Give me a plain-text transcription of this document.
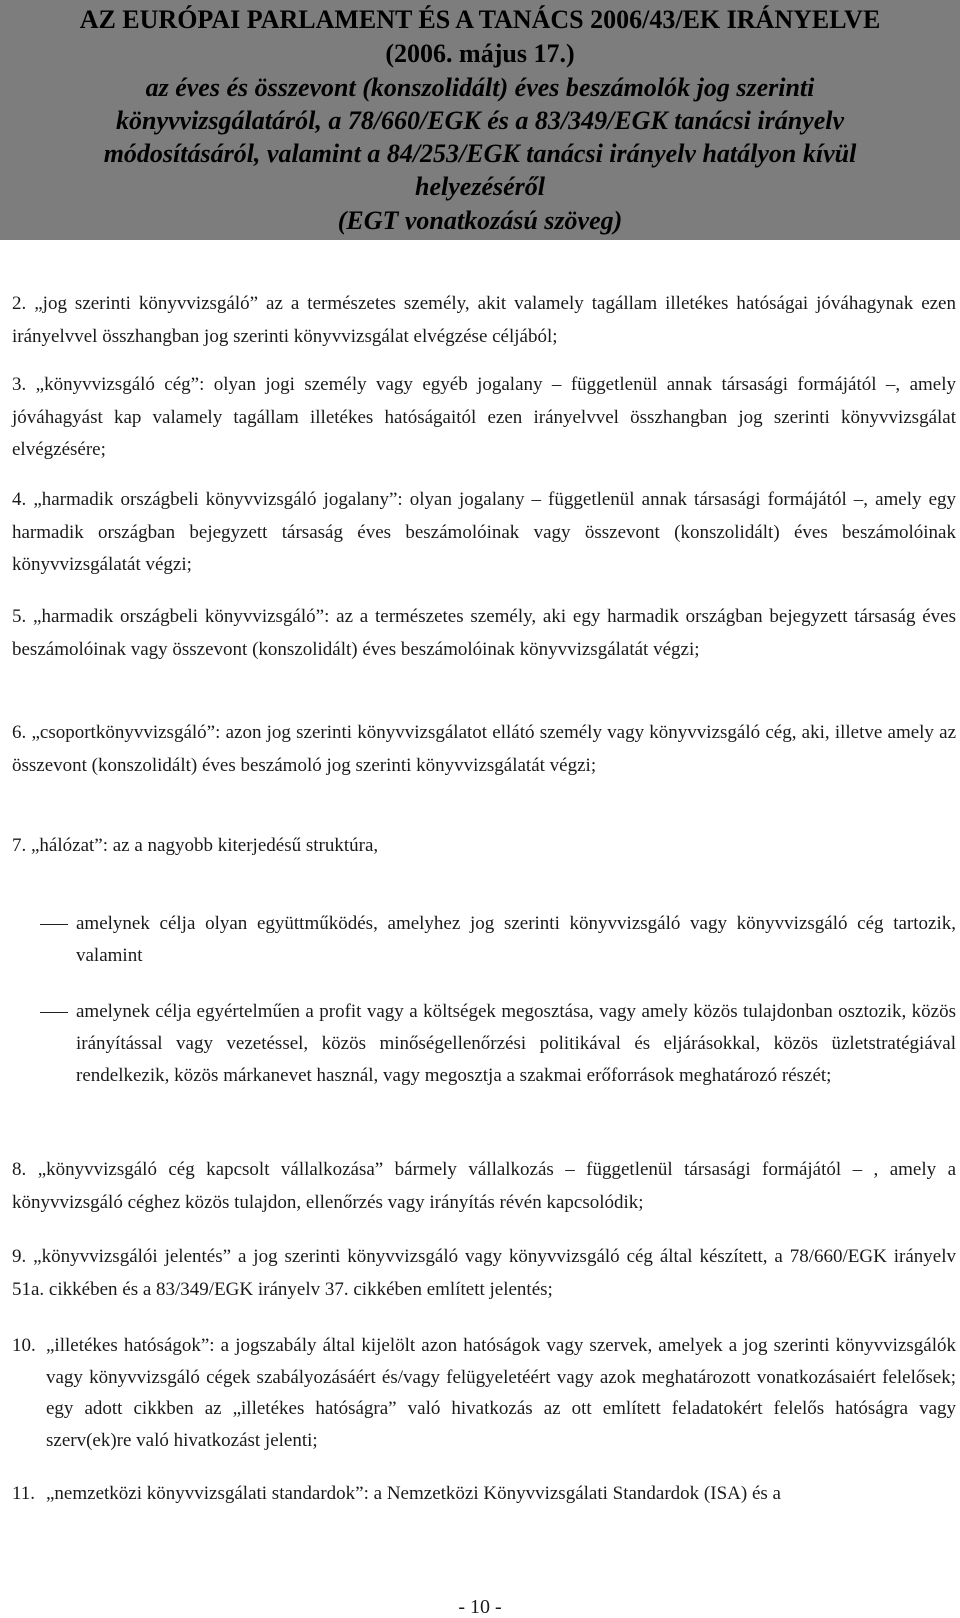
AZ EURÓPAI PARLAMENT ÉS A TANÁCS 2006/43/EK IRÁNYELVE
(2006. május 17.)
az éves és összevont (konszolidált) éves beszámolók jog szerinti
könyvvizsgálatáról, a 78/660/EGK és a 83/349/EGK tanácsi irányelv
módosításáról, valamint a 84/253/EGK tanácsi irányelv hatályon kívül
helyezéséről
(EGT vonatkozású szöveg)
2. „jog szerinti könyvvizsgáló” az a természetes személy, akit valamely tagállam illetékes hatóságai jóváhagynak ezen irányelvvel összhangban jog szerinti könyvvizsgálat elvégzése céljából;
3. „könyvvizsgáló cég”: olyan jogi személy vagy egyéb jogalany – függetlenül annak társasági formájától –, amely jóváhagyást kap valamely tagállam illetékes hatóságaitól ezen irányelvvel összhangban jog szerinti könyvvizsgálat elvégzésére;
4. „harmadik országbeli könyvvizsgáló jogalany”: olyan jogalany – függetlenül annak társasági formájától –, amely egy harmadik országban bejegyzett társaság éves beszámolóinak vagy összevont (konszolidált) éves beszámolóinak könyvvizsgálatát végzi;
5. „harmadik országbeli könyvvizsgáló”: az a természetes személy, aki egy harmadik országban bejegyzett társaság éves beszámolóinak vagy összevont (konszolidált) éves beszámolóinak könyvvizsgálatát végzi;
6. „csoportkönyvvizsgáló”: azon jog szerinti könyvvizsgálatot ellátó személy vagy könyvvizsgáló cég, aki, illetve amely az összevont (konszolidált) éves beszámoló jog szerinti könyvvizsgálatát végzi;
7. „hálózat”: az a nagyobb kiterjedésű struktúra,
amelynek célja olyan együttműködés, amelyhez jog szerinti könyvvizsgáló vagy könyvvizsgáló cég tartozik, valamint
amelynek célja egyértelműen a profit vagy a költségek megosztása, vagy amely közös tulajdonban osztozik, közös irányítással vagy vezetéssel, közös minőségellenőrzési politikával és eljárásokkal, közös üzletstratégiával rendelkezik, közös márkanevet használ, vagy megosztja a szakmai erőforrások meghatározó részét;
8. „könyvvizsgáló cég kapcsolt vállalkozása” bármely vállalkozás – függetlenül társasági formájától – , amely a könyvvizsgáló céghez közös tulajdon, ellenőrzés vagy irányítás révén kapcsolódik;
9. „könyvvizsgálói jelentés” a jog szerinti könyvvizsgáló vagy könyvvizsgáló cég által készített, a 78/660/EGK irányelv 51a. cikkében és a 83/349/EGK irányelv 37. cikkében említett jelentés;
10. „illetékes hatóságok”: a jogszabály által kijelölt azon hatóságok vagy szervek, amelyek a jog szerinti könyvvizsgálók vagy könyvvizsgáló cégek szabályozásáért és/vagy felügyeletéért vagy azok meghatározott vonatkozásaiért felelősek; egy adott cikkben az „illetékes hatóságra” való hivatkozás az ott említett feladatokért felelős hatóságra vagy szerv(ek)re való hivatkozást jelenti;
11. „nemzetközi könyvvizsgálati standardok”: a Nemzetközi Könyvvizsgálati Standardok (ISA) és a
- 10 -
